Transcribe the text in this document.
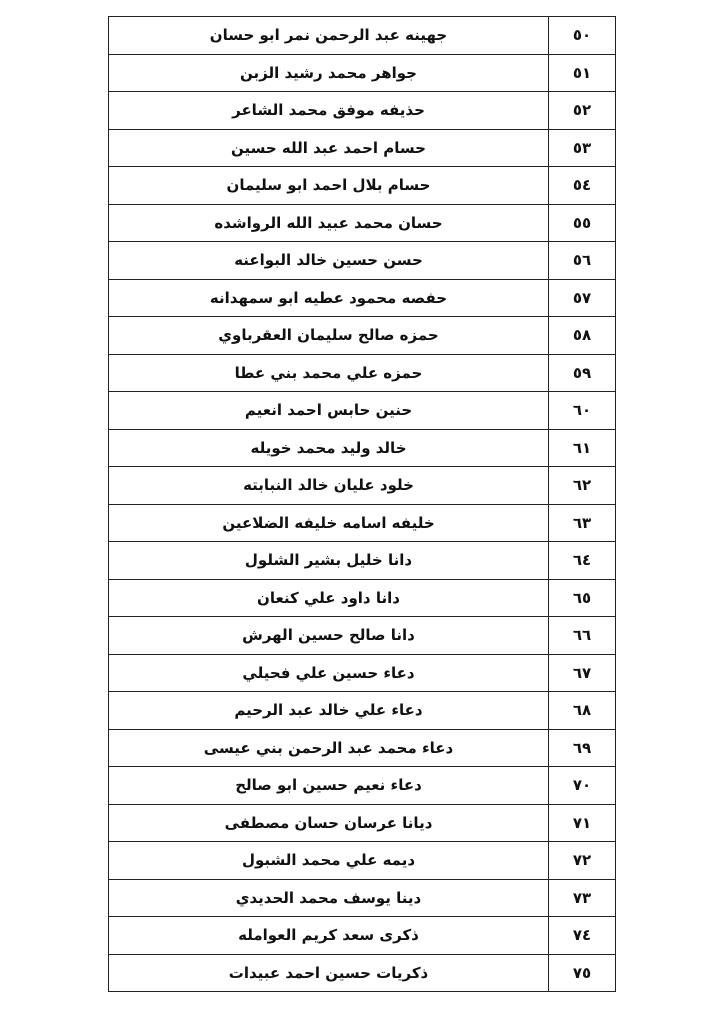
٥٠	جهينه عبد الرحمن نمر ابو حسان
٥١	جواهر محمد رشيد الزبن
٥٢	حذيفه موفق محمد الشاعر
٥٣	حسام احمد عبد الله حسين
٥٤	حسام بلال احمد ابو سليمان
٥٥	حسان محمد عبيد الله الرواشده
٥٦	حسن حسين خالد البواعنه
٥٧	حفصه محمود عطيه ابو سمهدانه
٥٨	حمزه صالح سليمان العقرباوي
٥٩	حمزه علي محمد بني عطا
٦٠	حنين حابس احمد انعيم
٦١	خالد وليد محمد خويله
٦٢	خلود عليان خالد النبابته
٦٣	خليفه اسامه خليفه الضلاعين
٦٤	دانا خليل بشير الشلول
٦٥	دانا داود علي كنعان
٦٦	دانا صالح حسين الهرش
٦٧	دعاء حسين علي فحيلي
٦٨	دعاء علي خالد عبد الرحيم
٦٩	دعاء محمد عبد الرحمن بني عيسى
٧٠	دعاء نعيم حسين ابو صالح
٧١	ديانا عرسان حسان مصطفى
٧٢	ديمه علي محمد الشبول
٧٣	دينا يوسف محمد الحديدي
٧٤	ذكرى سعد كريم العوامله
٧٥	ذكريات حسين احمد عبيدات
